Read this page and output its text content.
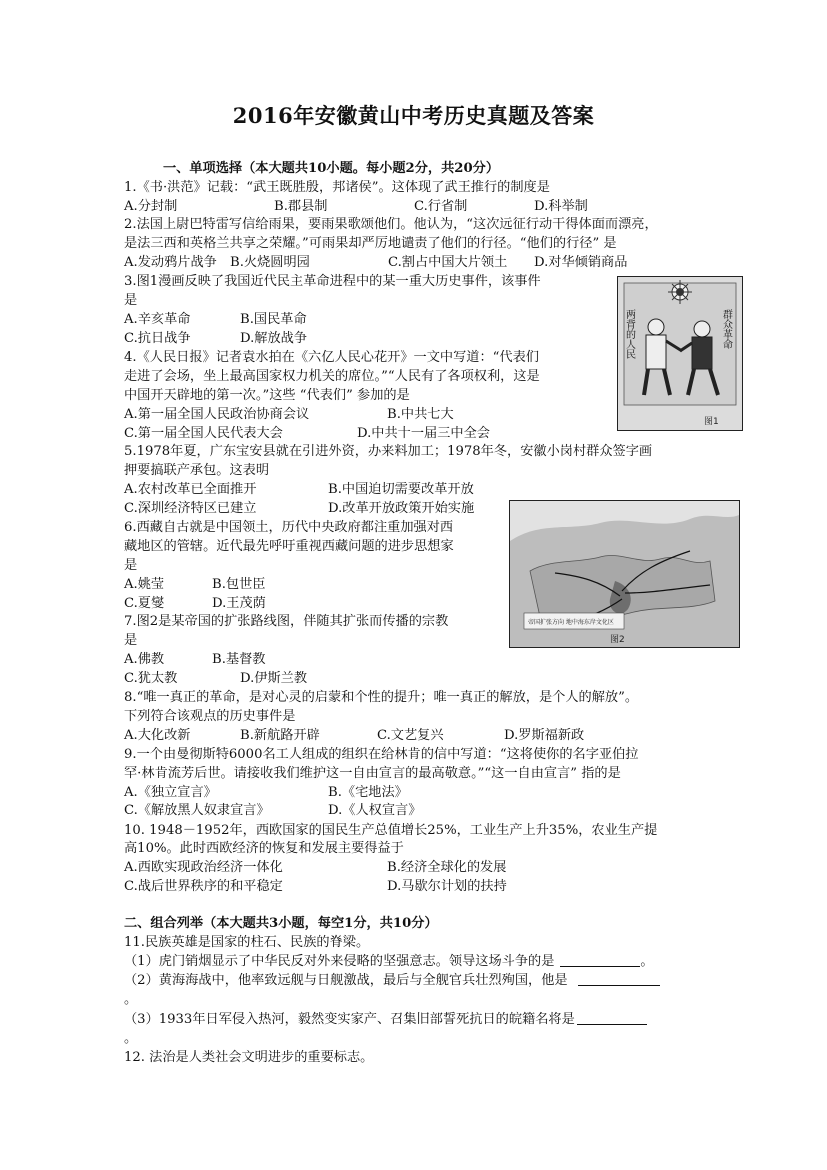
2016年安徽黄山中考历史真题及答案
一、单项选择（本大题共10小题。每小题2分，共20分）
1.《书·洪范》记载：“武王既胜殷，邦诸侯”。这体现了武王推行的制度是
A.分封制	B.郡县制	C.行省制	D.科举制
2.法国上尉巴特雷写信给雨果，要雨果歌颂他们。他认为，“这次远征行动干得体面而漂亮，
是法三西和英格兰共享之荣耀。”可雨果却严厉地谴责了他们的行径。“他们的行径” 是
A.发动鸦片战争 B.火烧圆明园	C.割占中国大片领土 D.对华倾销商品
3.图1漫画反映了我国近代民主革命进程中的某一重大历史事件，该事件
是
A.辛亥革命	B.国民革命
C.抗日战争	D.解放战争
4.《人民日报》记者袁水拍在《六亿人民心花开》一文中写道：“代表们
走进了会场，坐上最高国家权力机关的席位。”“人民有了各项权利，这是
中国开天辟地的第一次。”这些 “代表们” 参加的是
A.第一届全国人民政治协商会议	B.中共七大
C.第一届全国人民代表大会	D.中共十一届三中全会
5.1978年夏，广东宝安县就在引进外资，办来料加工；1978年冬，安徽小岗村群众签字画
押要搞联产承包。这表明
A.农村改革已全面推开	B.中国迫切需要改革开放
C.深圳经济特区已建立	D.改革开放政策开始实施
6.西藏自古就是中国领土，历代中央政府都注重加强对西
藏地区的管辖。近代最先呼吁重视西藏问题的进步思想家
是
A.姚莹	B.包世臣
C.夏燮	D.王茂荫
7.图2是某帝国的扩张路线图，伴随其扩张而传播的宗教
是
A.佛教	B.基督教
C.犹太教	D.伊斯兰教
8.“唯一真正的革命，是对心灵的启蒙和个性的提升；唯一真正的解放，是个人的解放”。
下列符合该观点的历史事件是
A.大化改新	B.新航路开辟	C.文艺复兴	D.罗斯福新政
9.一个由曼彻斯特6000名工人组成的组织在给林肯的信中写道：“这将使你的名字亚伯拉
罕·林肯流芳后世。请接收我们维护这一自由宣言的最高敬意。”“这一自由宣言” 指的是
A.《独立宣言》	B.《宅地法》
C.《解放黑人奴隶宣言》	D.《人权宣言》
10. 1948－1952年，西欧国家的国民生产总值增长25%，工业生产上升35%，农业生产提
高10%。此时西欧经济的恢复和发展主要得益于
A.西欧实现政治经济一体化	B.经济全球化的发展
C.战后世界秩序的和平稳定	D.马歇尔计划的扶持
二、组合列举（本大题共3小题，每空1分，共10分）
11.民族英雄是国家的柱石、民族的脊梁。
（1）虎门销烟显示了中华民反对外来侵略的坚强意志。领导这场斗争的是	。
（2）黄海海战中，他率致远舰与日舰激战，最后与全舰官兵壮烈殉国，他是
。
（3）1933年日军侵入热河，毅然变实家产、召集旧部誓死抗日的皖籍名将是
。
12. 法治是人类社会文明进步的重要标志。
两背的人民	群众革命
图1
帝国扩张方向 地中海东岸文化区
图2
